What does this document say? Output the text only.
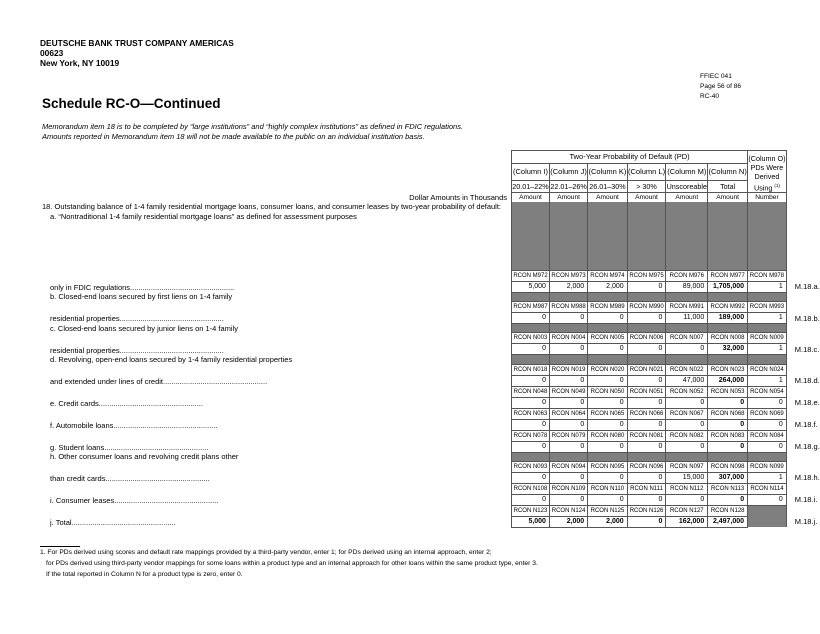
DEUTSCHE BANK TRUST COMPANY AMERICAS
00623
New York, NY 10019
FFIEC 041
Page 56 of 86
RC-40
Schedule RC-O—Continued
Memorandum item 18 is to be completed by “large institutions” and “highly complex institutions” as defined in FDIC regulations.
Amounts reported in Memorandum item 18 will not be made available to the public on an individual institution basis.
	Two-Year Probability of Default (PD)						(Column O)
PDs Were
Derived
Using $^{(1)}$

	(Column I)	(Column J)	(Column K)	(Column L)	(Column M)	(Column N)		
	20.01–22%	22.01–26%	26.01–30%	> 30%	Unscoreable	Total		
Dollar Amounts in Thousands	Amount	Amount	Amount	Amount	Amount	Amount	Number	

18. Outstanding balance of 1-4 family residential mortgage loans, consumer loans, and consumer leases by two-year probability of default:
a. “Nontraditional 1-4 family residential mortgage loans” as defined for assessment purposes								

	RCON M972	RCON M973	RCON M974	RCON M975	RCON M976	RCON M977	RCON M978	
only in FDIC regulations..................................................	5,000	2,000	2,000	0	89,000	1,705,000	1	M.18.a.
b. Closed-end loans secured by first liens on 1-4 family								
	RCON M987	RCON M988	RCON M989	RCON M990	RCON M991	RCON M992	RCON M993	
residential properties..................................................	0	0	0	0	11,000	189,000	1	M.18.b.
c. Closed-end loans secured by junior liens on 1-4 family								
	RCON N003	RCON N004	RCON N005	RCON N006	RCON N007	RCON N008	RCON N009	
residential properties..................................................	0	0	0	0	0	32,000	1	M.18.c.
d. Revolving, open-end loans secured by 1-4 family residential properties								
	RCON N018	RCON N019	RCON N020	RCON N021	RCON N022	RCON N023	RCON N024	
and extended under lines of credit..................................................	0	0	0	0	47,000	264,000	1	M.18.d.
	RCON N048	RCON N049	RCON N050	RCON N051	RCON N052	RCON N053	RCON N054	
e. Credit cards..................................................	0	0	0	0	0	0	0	M.18.e.
	RCON N063	RCON N064	RCON N065	RCON N066	RCON N067	RCON N068	RCON N069	
f. Automobile loans..................................................	0	0	0	0	0	0	0	M.18.f.
	RCON N078	RCON N079	RCON N080	RCON N081	RCON N082	RCON N083	RCON N084	
g. Student loans..................................................	0	0	0	0	0	0	0	M.18.g.
h. Other consumer loans and revolving credit plans other								
	RCON N093	RCON N094	RCON N095	RCON N096	RCON N097	RCON N098	RCON N099	
than credit cards..................................................	0	0	0	0	15,000	307,000	1	M.18.h.
	RCON N108	RCON N109	RCON N110	RCON N111	RCON N112	RCON N113	RCON N114	
i. Consumer leases..................................................	0	0	0	0	0	0	0	M.18.i.
	RCON N123	RCON N124	RCON N125	RCON N126	RCON N127	RCON N128		
j. Total..................................................	5,000	2,000	2,000	0	162,000	2,497,000		M.18.j.
1. For PDs derived using scores and default rate mappings provided by a third-party vendor, enter 1; for PDs derived using an internal approach, enter 2;
for PDs derived using third-party vendor mappings for some loans within a product type and an internal approach for other loans within the same product type, enter 3.
If the total reported in Column N for a product type is zero, enter 0.
